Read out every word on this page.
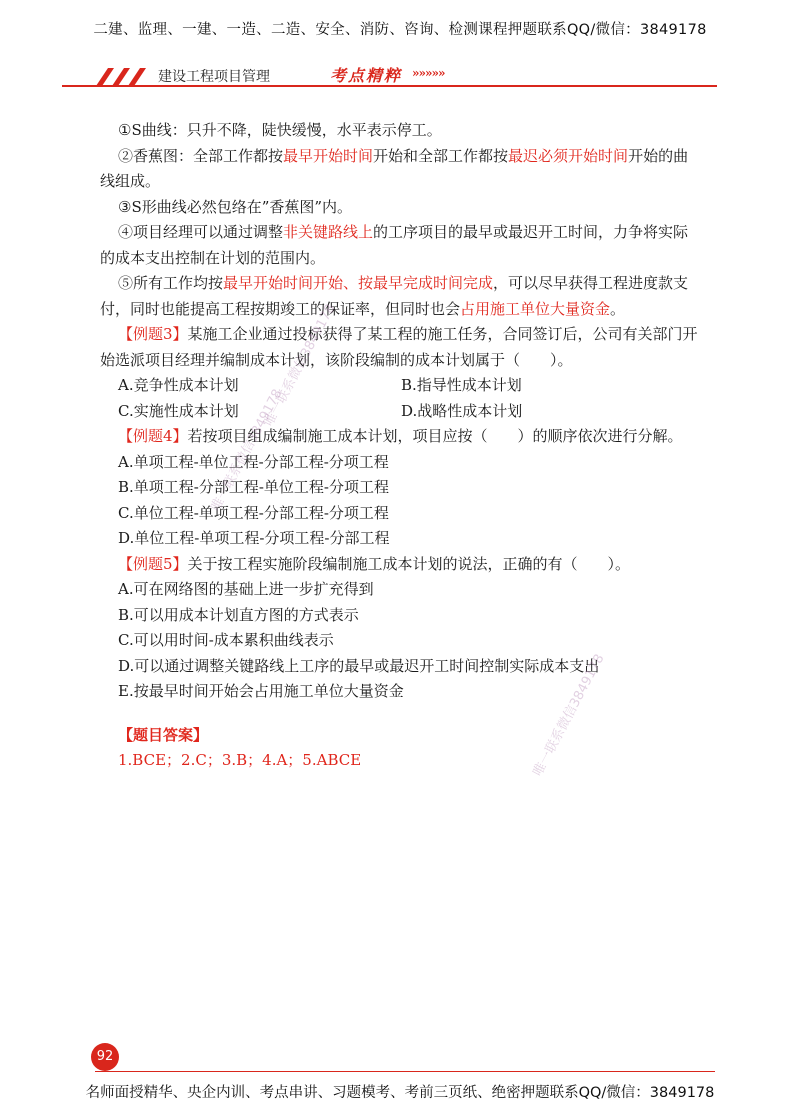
二建、监理、一建、一造、二造、安全、消防、咨询、检测课程押题联系QQ/微信：3849178
建设工程项目管理	考点精粹 »»»»»
①S曲线：只升不降，陡快缓慢，水平表示停工。
②香蕉图：全部工作都按最早开始时间开始和全部工作都按最迟必须开始时间开始的曲
线组成。
③S形曲线必然包络在”香蕉图”内。
④项目经理可以通过调整非关键路线上的工序项目的最早或最迟开工时间，力争将实际
的成本支出控制在计划的范围内。
⑤所有工作均按最早开始时间开始、按最早完成时间完成，可以尽早获得工程进度款支
付，同时也能提高工程按期竣工的保证率，但同时也会占用施工单位大量资金。
【例题3】某施工企业通过投标获得了某工程的施工任务，合同签订后，公司有关部门开
始选派项目经理并编制成本计划，该阶段编制的成本计划属于（　　）。
A.竞争性成本计划	B.指导性成本计划
C.实施性成本计划	D.战略性成本计划
【例题4】若按项目组成编制施工成本计划，项目应按（　　）的顺序依次进行分解。
A.单项工程-单位工程-分部工程-分项工程
B.单项工程-分部工程-单位工程-分项工程
C.单位工程-单项工程-分部工程-分项工程
D.单位工程-单项工程-分项工程-分部工程
【例题5】关于按工程实施阶段编制施工成本计划的说法，正确的有（　　）。
A.可在网络图的基础上进一步扩充得到
B.可以用成本计划直方图的方式表示
C.可以用时间-成本累积曲线表示
D.可以通过调整关键路线上工序的最早或最迟开工时间控制实际成本支出
E.按最早时间开始会占用施工单位大量资金
【题目答案】
1.BCE；2.C；3.B；4.A；5.ABCE
唯一联系微信3849178
唯一联系微信3849178
唯一联系微信3849178
92
名师面授精华、央企内训、考点串讲、习题模考、考前三页纸、绝密押题联系QQ/微信：3849178
